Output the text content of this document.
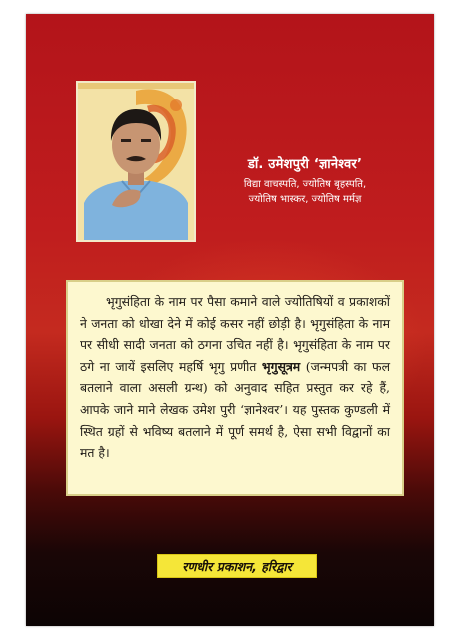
डॉ. उमेशपुरी ‘ज्ञानेश्वर’
विद्या वाचस्पति, ज्योतिष बृहस्पति,
ज्योतिष भास्कर, ज्योतिष मर्मज्ञ

भृगुसंहिता के नाम पर पैसा कमाने वाले ज्योतिषियों व प्रकाशकों ने जनता को धोखा देने में कोई कसर नहीं छोड़ी है। भृगुसंहिता के नाम पर सीधी सादी जनता को ठगना उचित नहीं है। भृगुसंहिता के नाम पर ठगे ना जायें इसलिए महर्षि भृगु प्रणीत भृगुसूत्रम (जन्मपत्री का फल बतलाने वाला असली ग्रन्थ) को अनुवाद सहित प्रस्तुत कर रहे हैं, आपके जाने माने लेखक उमेश पुरी ‘ज्ञानेश्वर’। यह पुस्तक कुण्डली में स्थित ग्रहों से भविष्य बतलाने में पूर्ण समर्थ है, ऐसा सभी विद्वानों का मत है।

रणधीर प्रकाशन, हरिद्वार
